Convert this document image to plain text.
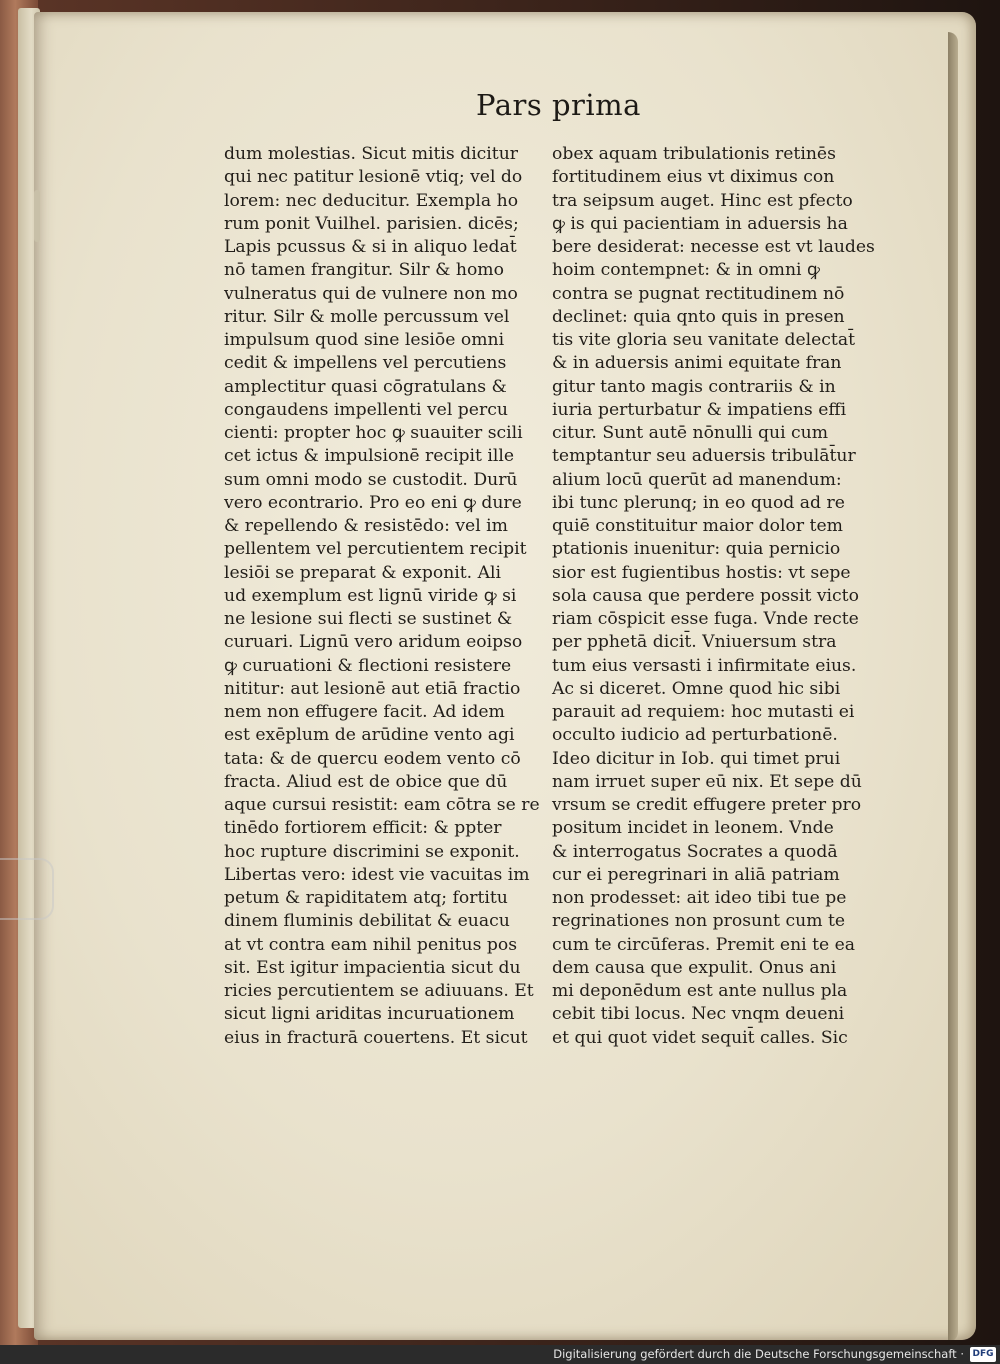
Pars prima
dum molestias. Sicut mitis dicitur
qui nec patitur lesionē vtiq; vel do
lorem: nec deducitur. Exempla ho
rum ponit Vuilhel. parisien. dicēs;
Lapis pcussus & si in aliquo ledat̄
nō tamen frangitur. Silr & homo
vulneratus qui de vulnere non mo
ritur. Silr & molle percussum vel
impulsum quod sine lesiōe omni
cedit & impellens vel percutiens
amplectitur quasi cōgratulans &
congaudens impellenti vel percu
cienti: propter hoc ꝙ suauiter scili
cet ictus & impulsionē recipit ille
sum omni modo se custodit. Durū
vero econtrario. Pro eo eni ꝙ dure
& repellendo & resistēdo: vel im
pellentem vel percutientem recipit
lesiōi se preparat & exponit. Ali
ud exemplum est lignū viride ꝙ si
ne lesione sui flecti se sustinet &
curuari. Lignū vero aridum eoipso
ꝙ curuationi & flectioni resistere
nititur: aut lesionē aut etiā fractio
nem non effugere facit. Ad idem
est exēplum de arūdine vento agi
tata: & de quercu eodem vento cō
fracta. Aliud est de obice que dū
aque cursui resistit: eam cōtra se re
tinēdo fortiorem efficit: & ppter
hoc rupture discrimini se exponit.
Libertas vero: idest vie vacuitas im
petum & rapiditatem atq; fortitu
dinem fluminis debilitat & euacu
at vt contra eam nihil penitus pos
sit. Est igitur impacientia sicut du
ricies percutientem se adiuuans. Et
sicut ligni ariditas incuruationem
eius in fracturā couertens. Et sicut
obex aquam tribulationis retinēs
fortitudinem eius vt diximus con
tra seipsum auget. Hinc est pfecto
ꝙ is qui pacientiam in aduersis ha
bere desiderat: necesse est vt laudes
hoim contempnet: & in omni ꝙ
contra se pugnat rectitudinem nō
declinet: quia qnto quis in presen
tis vite gloria seu vanitate delectat̄
& in aduersis animi equitate fran
gitur tanto magis contrariis & in
iuria perturbatur & impatiens effi
citur. Sunt autē nōnulli qui cum
temptantur seu aduersis tribulāt̄ur
alium locū querūt ad manendum:
ibi tunc plerunq; in eo quod ad re
quiē constituitur maior dolor tem
ptationis inuenitur: quia pernicio
sior est fugientibus hostis: vt sepe
sola causa que perdere possit victo
riam cōspicit esse fuga. Vnde recte
per pphetā dicit̄. Vniuersum stra
tum eius versasti i infirmitate eius.
Ac si diceret. Omne quod hic sibi
parauit ad requiem: hoc mutasti ei
occulto iudicio ad perturbationē.
Ideo dicitur in Iob. qui timet prui
nam irruet super eū nix. Et sepe dū
vrsum se credit effugere preter pro
positum incidet in leonem. Vnde
& interrogatus Socrates a quodā
cur ei peregrinari in aliā patriam
non prodesset: ait ideo tibi tue pe
regrinationes non prosunt cum te
cum te circūferas. Premit eni te ea
dem causa que expulit. Onus ani
mi deponēdum est ante nullus pla
cebit tibi locus. Nec vnqm deueni
et qui quot videt sequit̄ calles. Sic
Digitalisierung gefördert durch die Deutsche Forschungsgemeinschaft · DFG
